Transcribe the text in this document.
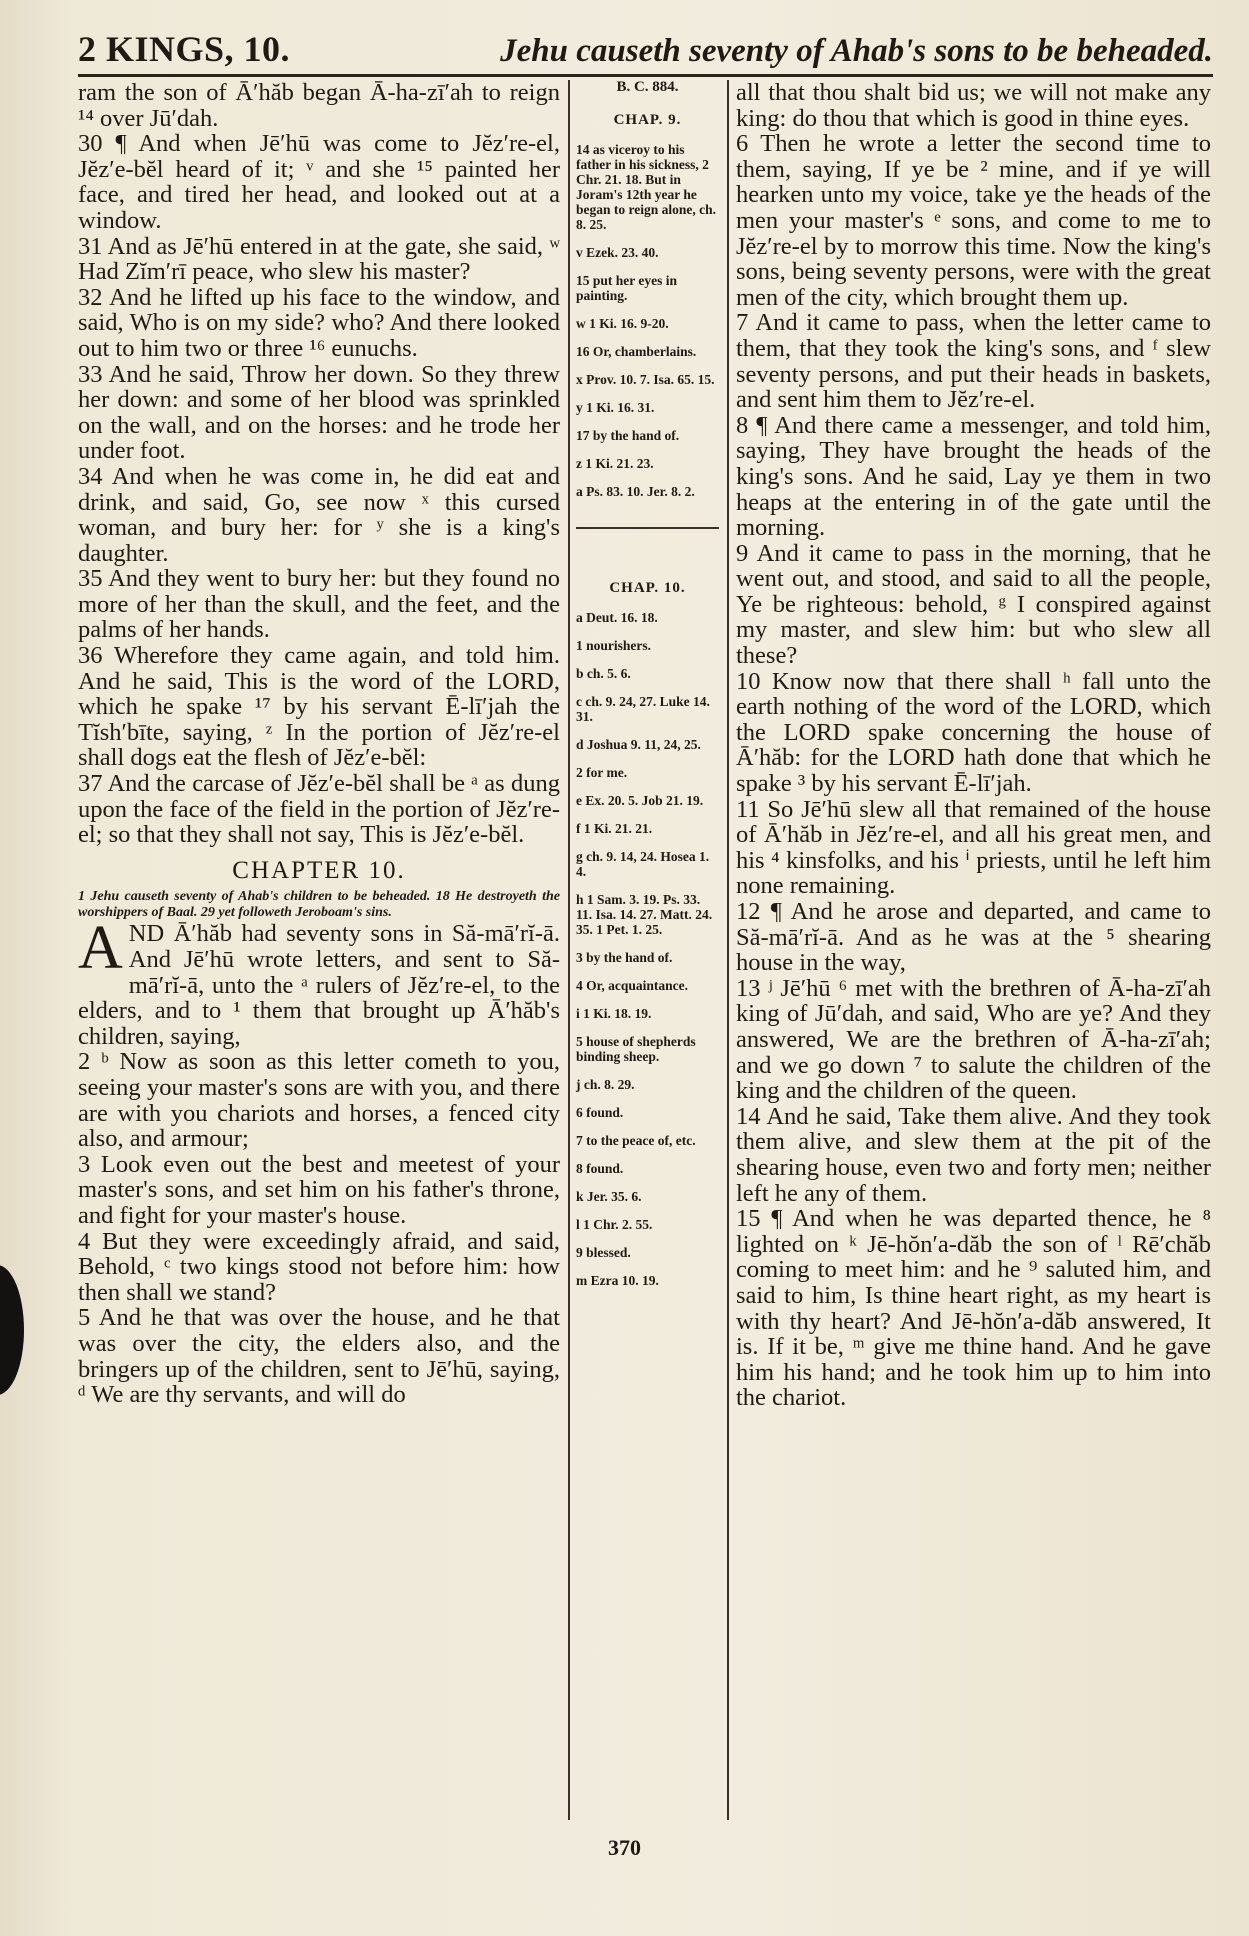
2 KINGS, 10.	Jehu causeth seventy of Ahab's sons to be beheaded.

ram the son of Ā′hăb began Ā-ha-zī′ah to reign ¹⁴ over Jū′dah.

30 ¶ And when Jē′hū was come to Jĕz′re-el, Jĕz′e-bĕl heard of it; ᵛ and she ¹⁵ painted her face, and tired her head, and looked out at a window.

31 And as Jē′hū entered in at the gate, she said, ʷ Had Zĭm′rī peace, who slew his master?

32 And he lifted up his face to the window, and said, Who is on my side? who? And there looked out to him two or three ¹⁶ eunuchs.

33 And he said, Throw her down. So they threw her down: and some of her blood was sprinkled on the wall, and on the horses: and he trode her under foot.

34 And when he was come in, he did eat and drink, and said, Go, see now ˣ this cursed woman, and bury her: for ʸ she is a king's daughter.

35 And they went to bury her: but they found no more of her than the skull, and the feet, and the palms of her hands.

36 Wherefore they came again, and told him. And he said, This is the word of the LORD, which he spake ¹⁷ by his servant Ē-lī′jah the Tĭsh′bīte, saying, ᶻ In the portion of Jĕz′re-el shall dogs eat the flesh of Jĕz′e-bĕl:

37 And the carcase of Jĕz′e-bĕl shall be ᵃ as dung upon the face of the field in the portion of Jĕz′re-el; so that they shall not say, This is Jĕz′e-bĕl.

CHAPTER 10.

1 Jehu causeth seventy of Ahab's children to be beheaded. 18 He destroyeth the worshippers of Baal. 29 yet followeth Jeroboam's sins.

AND Ā′hăb had seventy sons in Să-mā′rĭ-ā. And Jē′hū wrote letters, and sent to Să-mā′rĭ-ā, unto the ᵃ rulers of Jĕz′re-el, to the elders, and to ¹ them that brought up Ā′hăb's children, saying,

2 ᵇ Now as soon as this letter cometh to you, seeing your master's sons are with you, and there are with you chariots and horses, a fenced city also, and armour;

3 Look even out the best and meetest of your master's sons, and set him on his father's throne, and fight for your master's house.

4 But they were exceedingly afraid, and said, Behold, ᶜ two kings stood not before him: how then shall we stand?

5 And he that was over the house, and he that was over the city, the elders also, and the bringers up of the children, sent to Jē′hū, saying, ᵈ We are thy servants, and will do

B. C. 884.
CHAP. 9.
14 as viceroy to his father in his sickness, 2 Chr. 21. 18. But in Joram's 12th year he began to reign alone, ch. 8. 25.
v Ezek. 23. 40.
15 put her eyes in painting.
w 1 Ki. 16. 9-20.
16 Or, chamberlains.
x Prov. 10. 7. Isa. 65. 15.
y 1 Ki. 16. 31.
17 by the hand of.
z 1 Ki. 21. 23.
a Ps. 83. 10. Jer. 8. 2.
CHAP. 10.
a Deut. 16. 18.
1 nourishers.
b ch. 5. 6.
c ch. 9. 24, 27. Luke 14. 31.
d Joshua 9. 11, 24, 25.
2 for me.
e Ex. 20. 5. Job 21. 19.
f 1 Ki. 21. 21.
g ch. 9. 14, 24. Hosea 1. 4.
h 1 Sam. 3. 19. Ps. 33. 11. Isa. 14. 27. Matt. 24. 35. 1 Pet. 1. 25.
3 by the hand of.
4 Or, acquaintance.
i 1 Ki. 18. 19.
5 house of shepherds binding sheep.
j ch. 8. 29.
6 found.
7 to the peace of, etc.
8 found.
k Jer. 35. 6.
l 1 Chr. 2. 55.
9 blessed.
m Ezra 10. 19.

all that thou shalt bid us; we will not make any king: do thou that which is good in thine eyes.

6 Then he wrote a letter the second time to them, saying, If ye be ² mine, and if ye will hearken unto my voice, take ye the heads of the men your master's ᵉ sons, and come to me to Jĕz′re-el by to morrow this time. Now the king's sons, being seventy persons, were with the great men of the city, which brought them up.

7 And it came to pass, when the letter came to them, that they took the king's sons, and ᶠ slew seventy persons, and put their heads in baskets, and sent him them to Jĕz′re-el.

8 ¶ And there came a messenger, and told him, saying, They have brought the heads of the king's sons. And he said, Lay ye them in two heaps at the entering in of the gate until the morning.

9 And it came to pass in the morning, that he went out, and stood, and said to all the people, Ye be righteous: behold, ᵍ I conspired against my master, and slew him: but who slew all these?

10 Know now that there shall ʰ fall unto the earth nothing of the word of the LORD, which the LORD spake concerning the house of Ā′hăb: for the LORD hath done that which he spake ³ by his servant Ē-lī′jah.

11 So Jē′hū slew all that remained of the house of Ā′hăb in Jĕz′re-el, and all his great men, and his ⁴ kinsfolks, and his ⁱ priests, until he left him none remaining.

12 ¶ And he arose and departed, and came to Să-mā′rĭ-ā. And as he was at the ⁵ shearing house in the way,

13 ʲ Jē′hū ⁶ met with the brethren of Ā-ha-zī′ah king of Jū′dah, and said, Who are ye? And they answered, We are the brethren of Ā-ha-zī′ah; and we go down ⁷ to salute the children of the king and the children of the queen.

14 And he said, Take them alive. And they took them alive, and slew them at the pit of the shearing house, even two and forty men; neither left he any of them.

15 ¶ And when he was departed thence, he ⁸ lighted on ᵏ Jē-hŏn′a-dăb the son of ˡ Rē′chăb coming to meet him: and he ⁹ saluted him, and said to him, Is thine heart right, as my heart is with thy heart? And Jē-hŏn′a-dăb answered, It is. If it be, ᵐ give me thine hand. And he gave him his hand; and he took him up to him into the chariot.

370
